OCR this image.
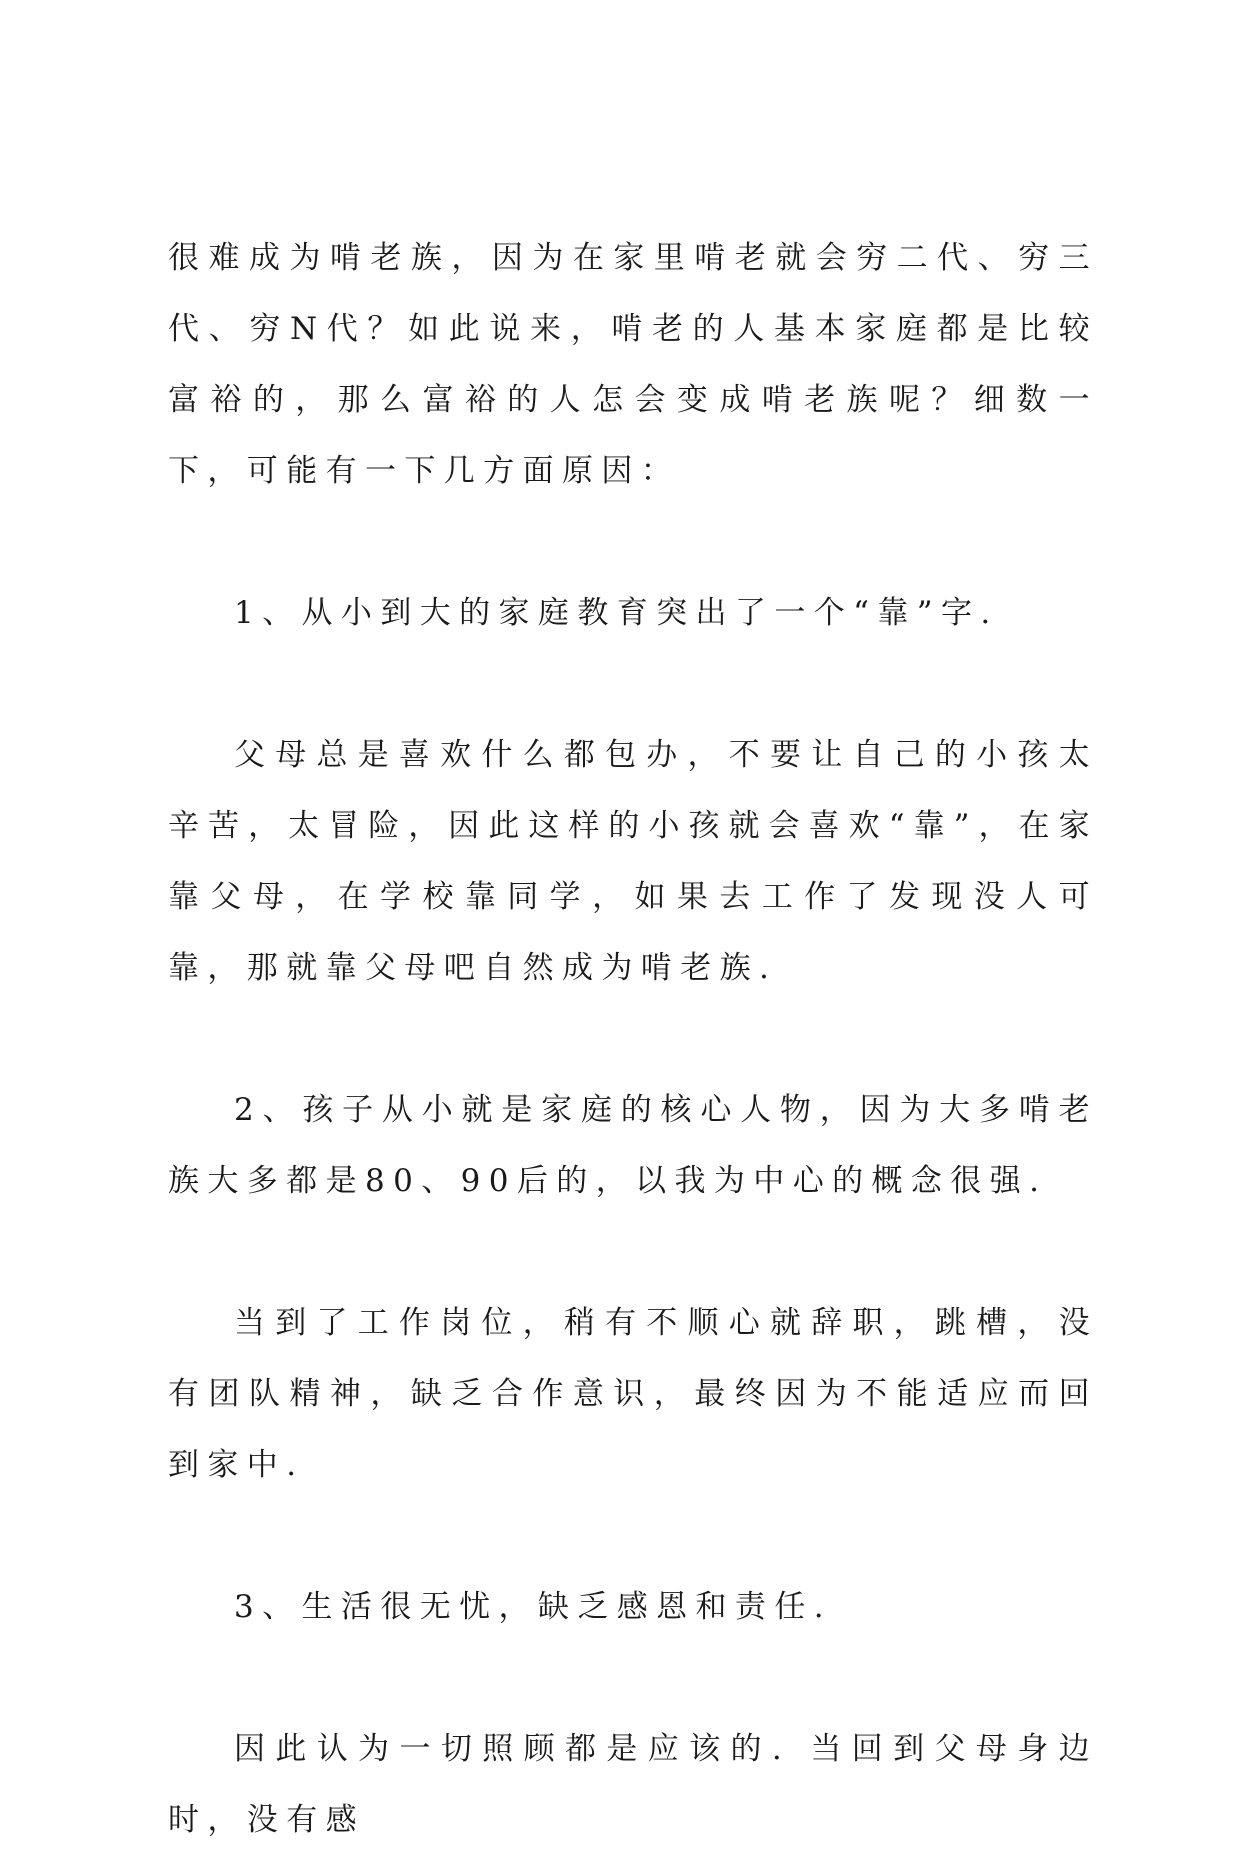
很难成为啃老族，因为在家里啃老就会穷二代、穷三代、穷N代？如此说来，啃老的人基本家庭都是比较富裕的，那么富裕的人怎会变成啃老族呢？细数一下，可能有一下几方面原因：

1、从小到大的家庭教育突出了一个“靠”字.

父母总是喜欢什么都包办，不要让自己的小孩太辛苦，太冒险，因此这样的小孩就会喜欢“靠”，在家靠父母，在学校靠同学，如果去工作了发现没人可靠，那就靠父母吧自然成为啃老族.

2、孩子从小就是家庭的核心人物，因为大多啃老族大多都是80、90后的，以我为中心的概念很强.

当到了工作岗位，稍有不顺心就辞职，跳槽，没有团队精神，缺乏合作意识，最终因为不能适应而回到家中.

3、生活很无忧，缺乏感恩和责任.

因此认为一切照顾都是应该的. 当回到父母身边时，没有感
